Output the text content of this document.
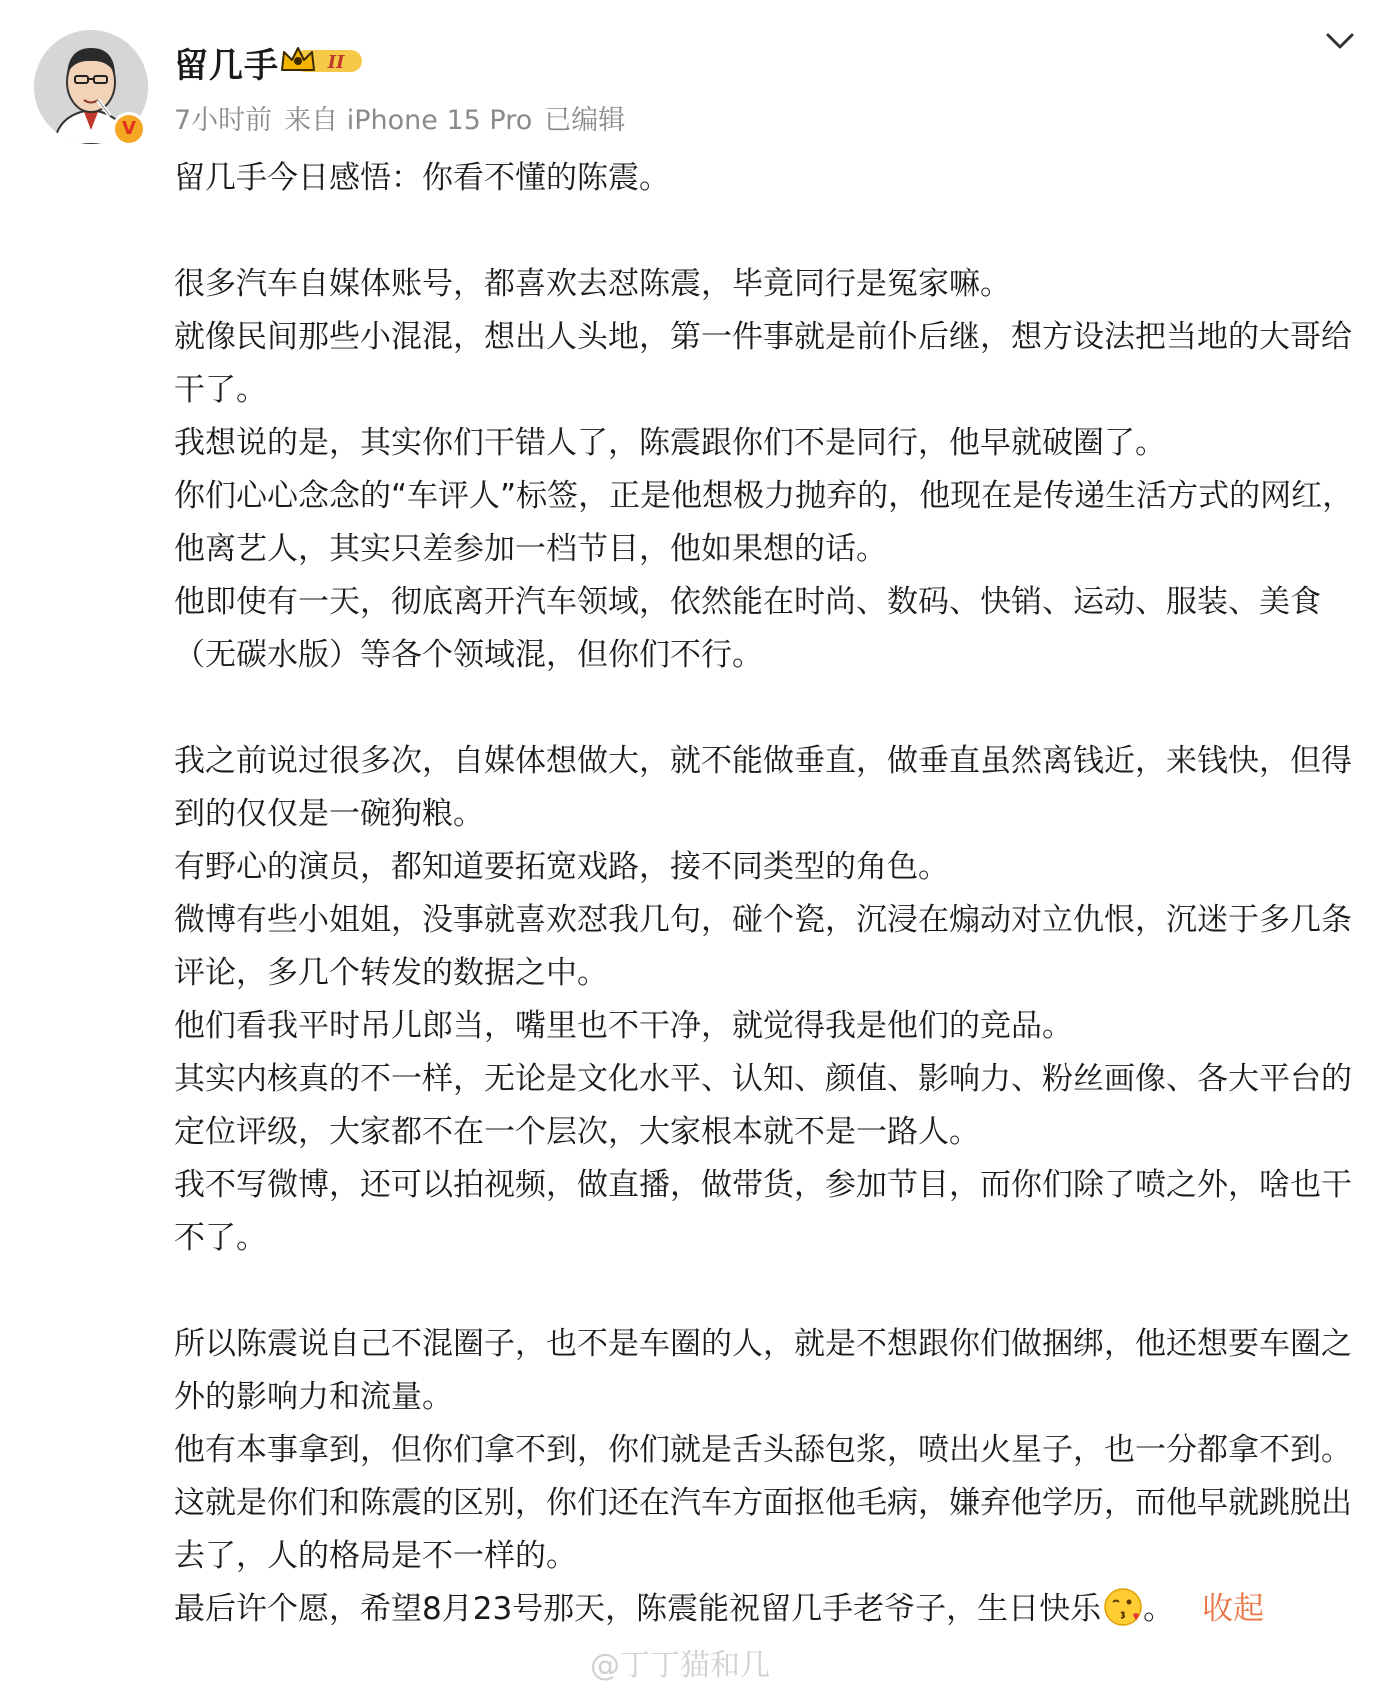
V
留几手	II
7小时前 来自 iPhone 15 Pro 已编辑

留几手今日感悟：你看不懂的陈震。

很多汽车自媒体账号，都喜欢去怼陈震，毕竟同行是冤家嘛。
就像民间那些小混混，想出人头地，第一件事就是前仆后继，想方设法把当地的大哥给干了。
我想说的是，其实你们干错人了，陈震跟你们不是同行，他早就破圈了。
你们心心念念的“车评人”标签，正是他想极力抛弃的，他现在是传递生活方式的网红，他离艺人，其实只差参加一档节目，他如果想的话。
他即使有一天，彻底离开汽车领域，依然能在时尚、数码、快销、运动、服装、美食（无碳水版）等各个领域混，但你们不行。

我之前说过很多次，自媒体想做大，就不能做垂直，做垂直虽然离钱近，来钱快，但得到的仅仅是一碗狗粮。
有野心的演员，都知道要拓宽戏路，接不同类型的角色。
微博有些小姐姐，没事就喜欢怼我几句，碰个瓷，沉浸在煽动对立仇恨，沉迷于多几条评论，多几个转发的数据之中。
他们看我平时吊儿郎当，嘴里也不干净，就觉得我是他们的竞品。
其实内核真的不一样，无论是文化水平、认知、颜值、影响力、粉丝画像、各大平台的定位评级，大家都不在一个层次，大家根本就不是一路人。
我不写微博，还可以拍视频，做直播，做带货，参加节目，而你们除了喷之外，啥也干不了。

所以陈震说自己不混圈子，也不是车圈的人，就是不想跟你们做捆绑，他还想要车圈之外的影响力和流量。
他有本事拿到，但你们拿不到，你们就是舌头舔包浆，喷出火星子，也一分都拿不到。
这就是你们和陈震的区别，你们还在汽车方面抠他毛病，嫌弃他学历，而他早就跳脱出去了，人的格局是不一样的。

最后许个愿，希望8月23号那天，陈震能祝留几手老爷子，生日快乐 。 收起

@丁丁猫和几
